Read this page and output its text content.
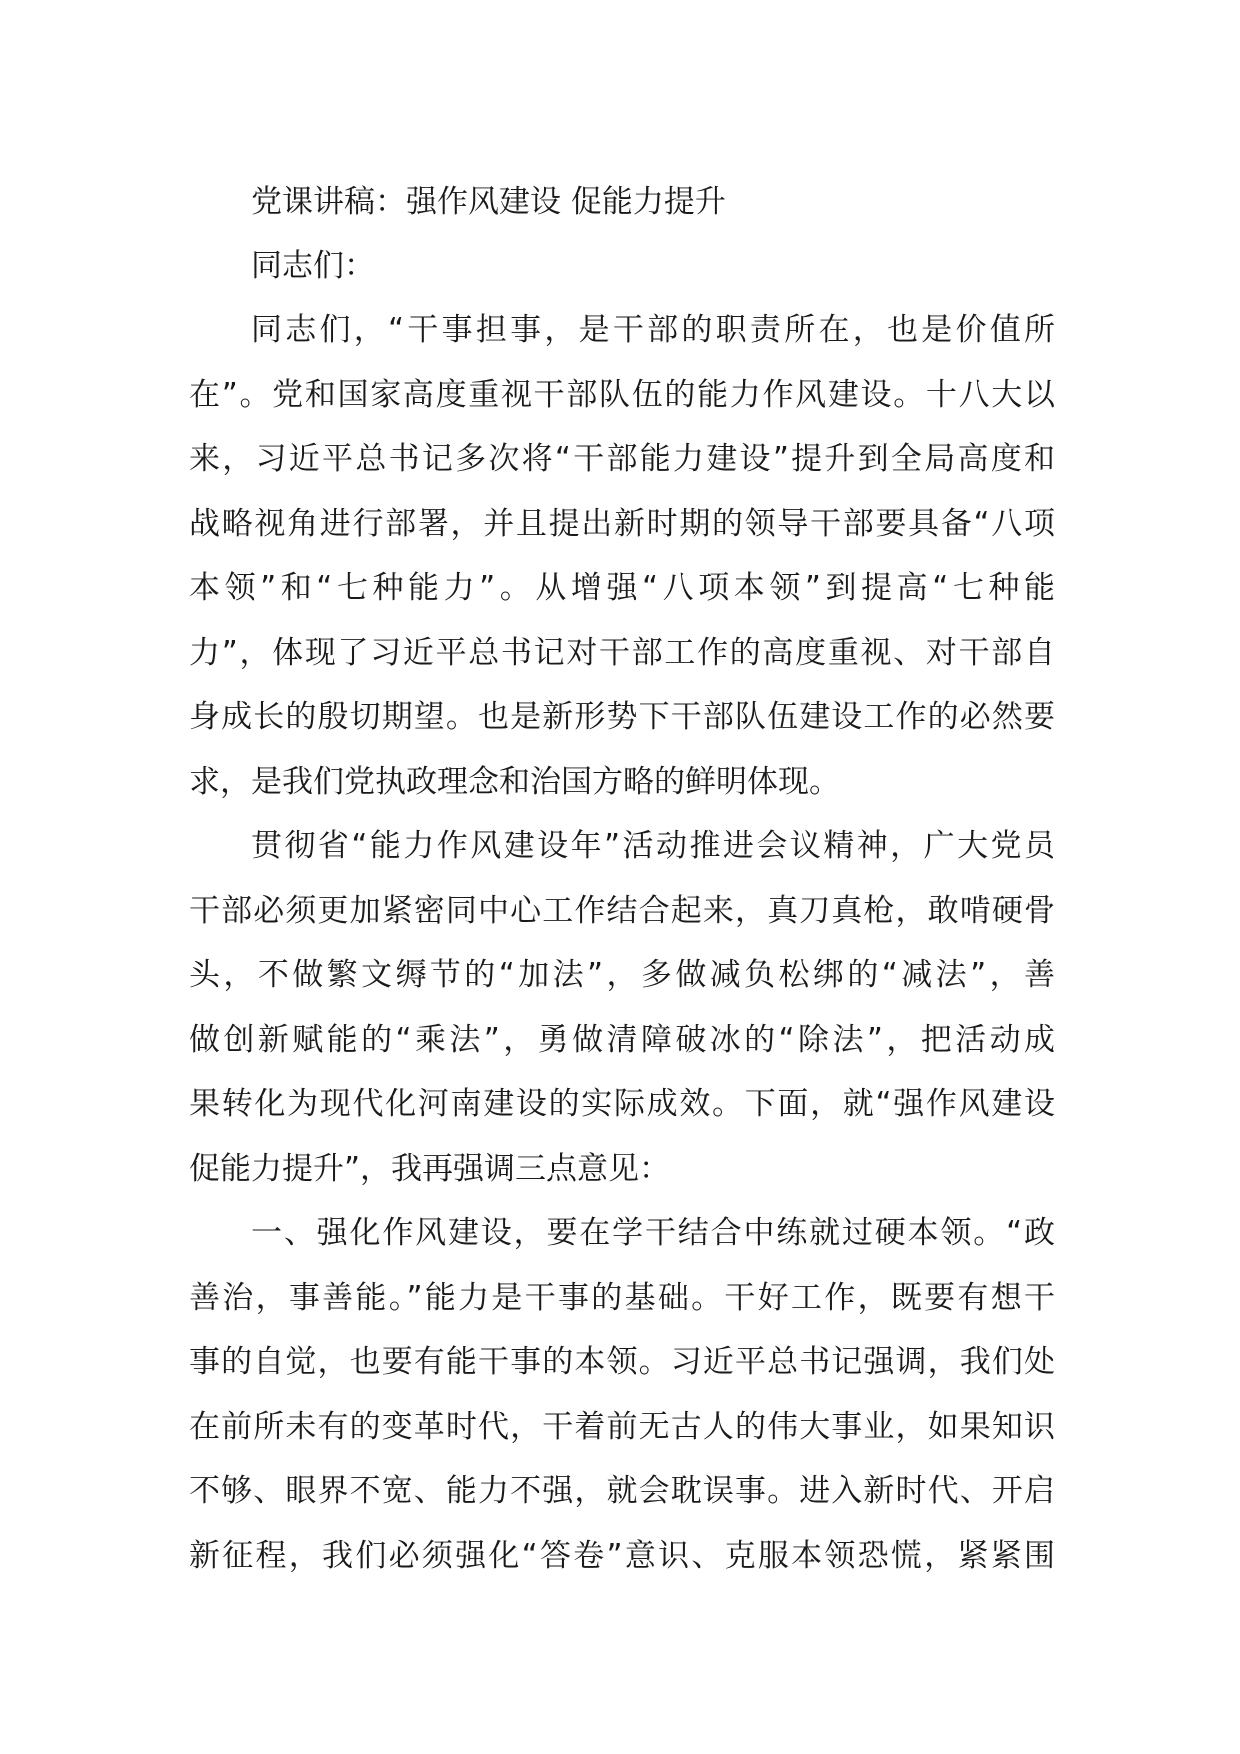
党课讲稿：强作风建设 促能力提升

同志们：

同志们，“干事担事，是干部的职责所在，也是价值所
在”。党和国家高度重视干部队伍的能力作风建设。十八大以
来，习近平总书记多次将“干部能力建设”提升到全局高度和
战略视角进行部署，并且提出新时期的领导干部要具备“八项
本领”和“七种能力”。从增强“八项本领”到提高“七种能
力”，体现了习近平总书记对干部工作的高度重视、对干部自
身成长的殷切期望。也是新形势下干部队伍建设工作的必然要
求，是我们党执政理念和治国方略的鲜明体现。
贯彻省“能力作风建设年”活动推进会议精神，广大党员
干部必须更加紧密同中心工作结合起来，真刀真枪，敢啃硬骨
头，不做繁文缛节的“加法”，多做减负松绑的“减法”，善
做创新赋能的“乘法”，勇做清障破冰的“除法”，把活动成
果转化为现代化河南建设的实际成效。下面，就“强作风建设
促能力提升”，我再强调三点意见：
一、强化作风建设，要在学干结合中练就过硬本领。“政
善治，事善能。”能力是干事的基础。干好工作，既要有想干
事的自觉，也要有能干事的本领。习近平总书记强调，我们处
在前所未有的变革时代，干着前无古人的伟大事业，如果知识
不够、眼界不宽、能力不强，就会耽误事。进入新时代、开启
新征程，我们必须强化“答卷”意识、克服本领恐慌，紧紧围
